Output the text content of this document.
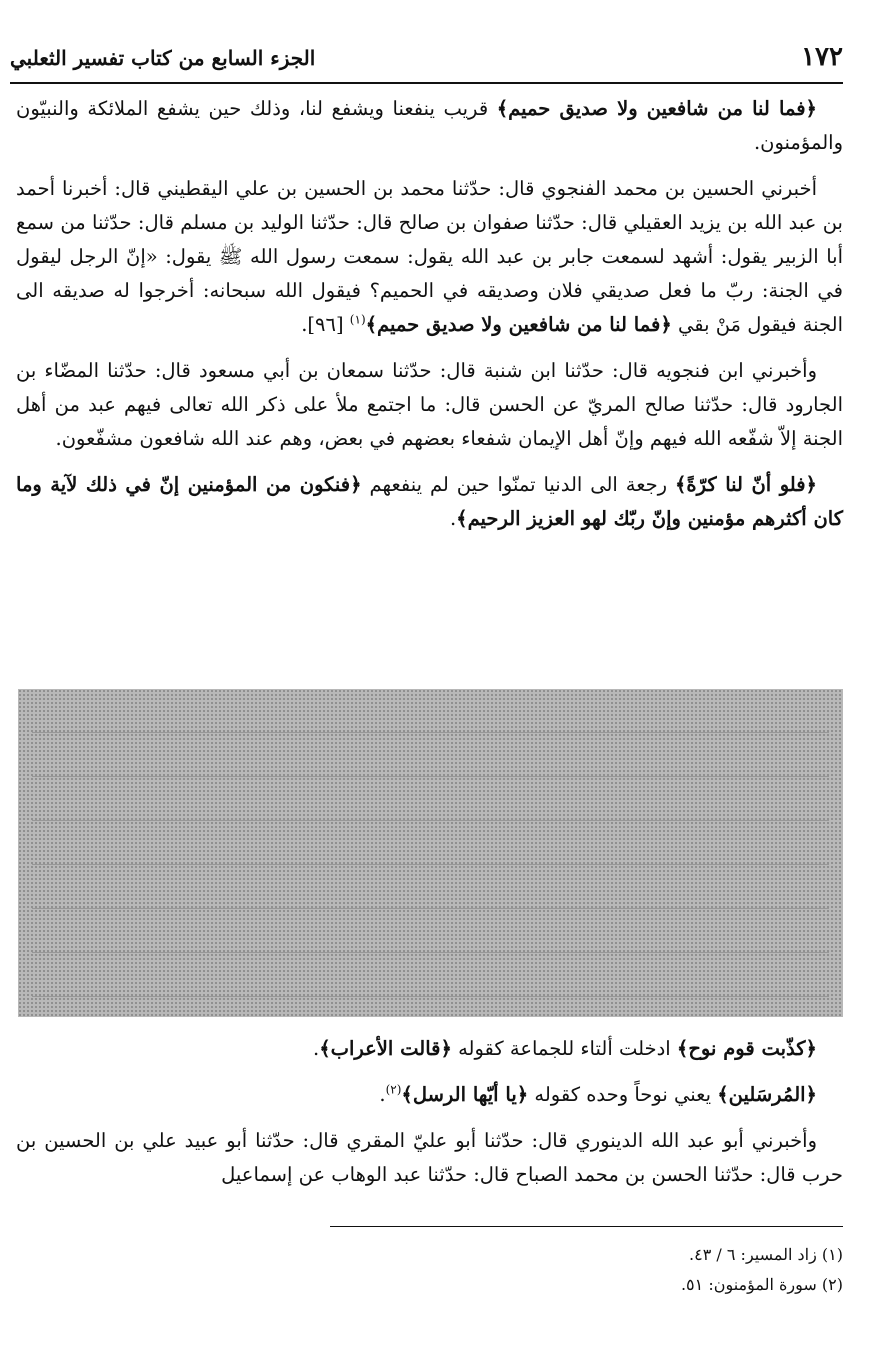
١٧٢
الجزء السابع من كتاب تفسير الثعلبي

﴿فما لنا من شافعين ولا صديق حميم﴾ قريب ينفعنا ويشفع لنا، وذلك حين يشفع الملائكة والنبيّون والمؤمنون.

أخبرني الحسين بن محمد الفنجوي قال: حدّثنا محمد بن الحسين بن علي اليقطيني قال: أخبرنا أحمد بن عبد الله بن يزيد العقيلي قال: حدّثنا صفوان بن صالح قال: حدّثنا الوليد بن مسلم قال: حدّثنا من سمع أبا الزبير يقول: أشهد لسمعت جابر بن عبد الله يقول: سمعت رسول الله ﷺ يقول: «إنّ الرجل ليقول في الجنة: ربّ ما فعل صديقي فلان وصديقه في الحميم؟ فيقول الله سبحانه: أخرجوا له صديقه الى الجنة فيقول مَنْ بقي ﴿فما لنا من شافعين ولا صديق حميم﴾$^{(١)}$ [٩٦].

وأخبرني ابن فنجويه قال: حدّثنا ابن شنبة قال: حدّثنا سمعان بن أبي مسعود قال: حدّثنا المضّاء بن الجارود قال: حدّثنا صالح المريّ عن الحسن قال: ما اجتمع ملأ على ذكر الله تعالى فيهم عبد من أهل الجنة إلاّ شفّعه الله فيهم وإنّ أهل الإيمان شفعاء بعضهم في بعض، وهم عند الله شافعون مشفّعون.

﴿فلو أنّ لنا كرّةً﴾ رجعة الى الدنيا تمنّوا حين لم ينفعهم ﴿فنكون من المؤمنين إنّ في ذلك لآية وما كان أكثرهم مؤمنين وإنّ ربّك لهو العزيز الرحيم﴾.

﴿كذّبت قوم نوح﴾ ادخلت ألتاء للجماعة كقوله ﴿قالت الأعراب﴾.

﴿المُرسَلين﴾ يعني نوحاً وحده كقوله ﴿يا أيّها الرسل﴾$^{(٢)}$.

وأخبرني أبو عبد الله الدينوري قال: حدّثنا أبو عليّ المقري قال: حدّثنا أبو عبيد علي بن الحسين بن حرب قال: حدّثنا الحسن بن محمد الصباح قال: حدّثنا عبد الوهاب عن إسماعيل

(١) زاد المسير: ٦ / ٤٣.

(٢) سورة المؤمنون: ٥١.
